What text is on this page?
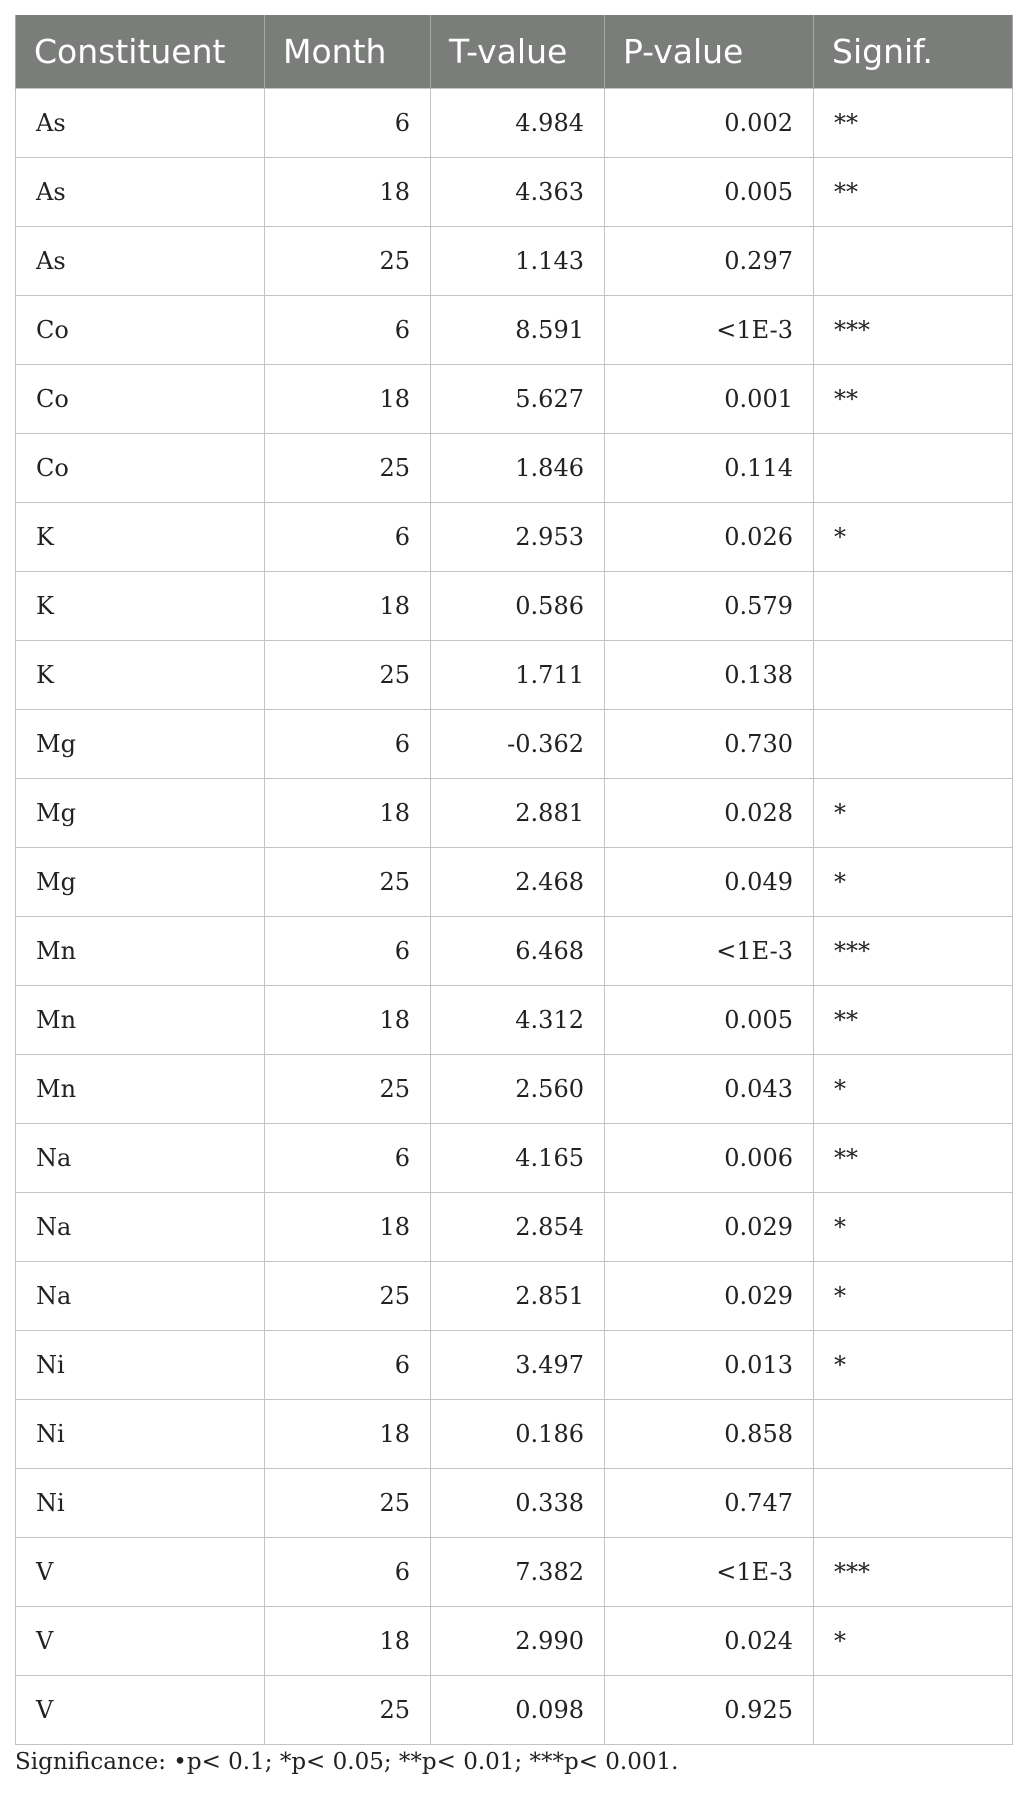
Constituent	Month	T-value	P-value	Signif.
As	6	4.984	0.002	**
As	18	4.363	0.005	**
As	25	1.143	0.297	
Co	6	8.591	<1E-3	***
Co	18	5.627	0.001	**
Co	25	1.846	0.114	
K	6	2.953	0.026	*
K	18	0.586	0.579	
K	25	1.711	0.138	
Mg	6	-0.362	0.730	
Mg	18	2.881	0.028	*
Mg	25	2.468	0.049	*
Mn	6	6.468	<1E-3	***
Mn	18	4.312	0.005	**
Mn	25	2.560	0.043	*
Na	6	4.165	0.006	**
Na	18	2.854	0.029	*
Na	25	2.851	0.029	*
Ni	6	3.497	0.013	*
Ni	18	0.186	0.858	
Ni	25	0.338	0.747	
V	6	7.382	<1E-3	***
V	18	2.990	0.024	*
V	25	0.098	0.925	
Significance: •p< 0.1; *p< 0.05; **p< 0.01; ***p< 0.001.
